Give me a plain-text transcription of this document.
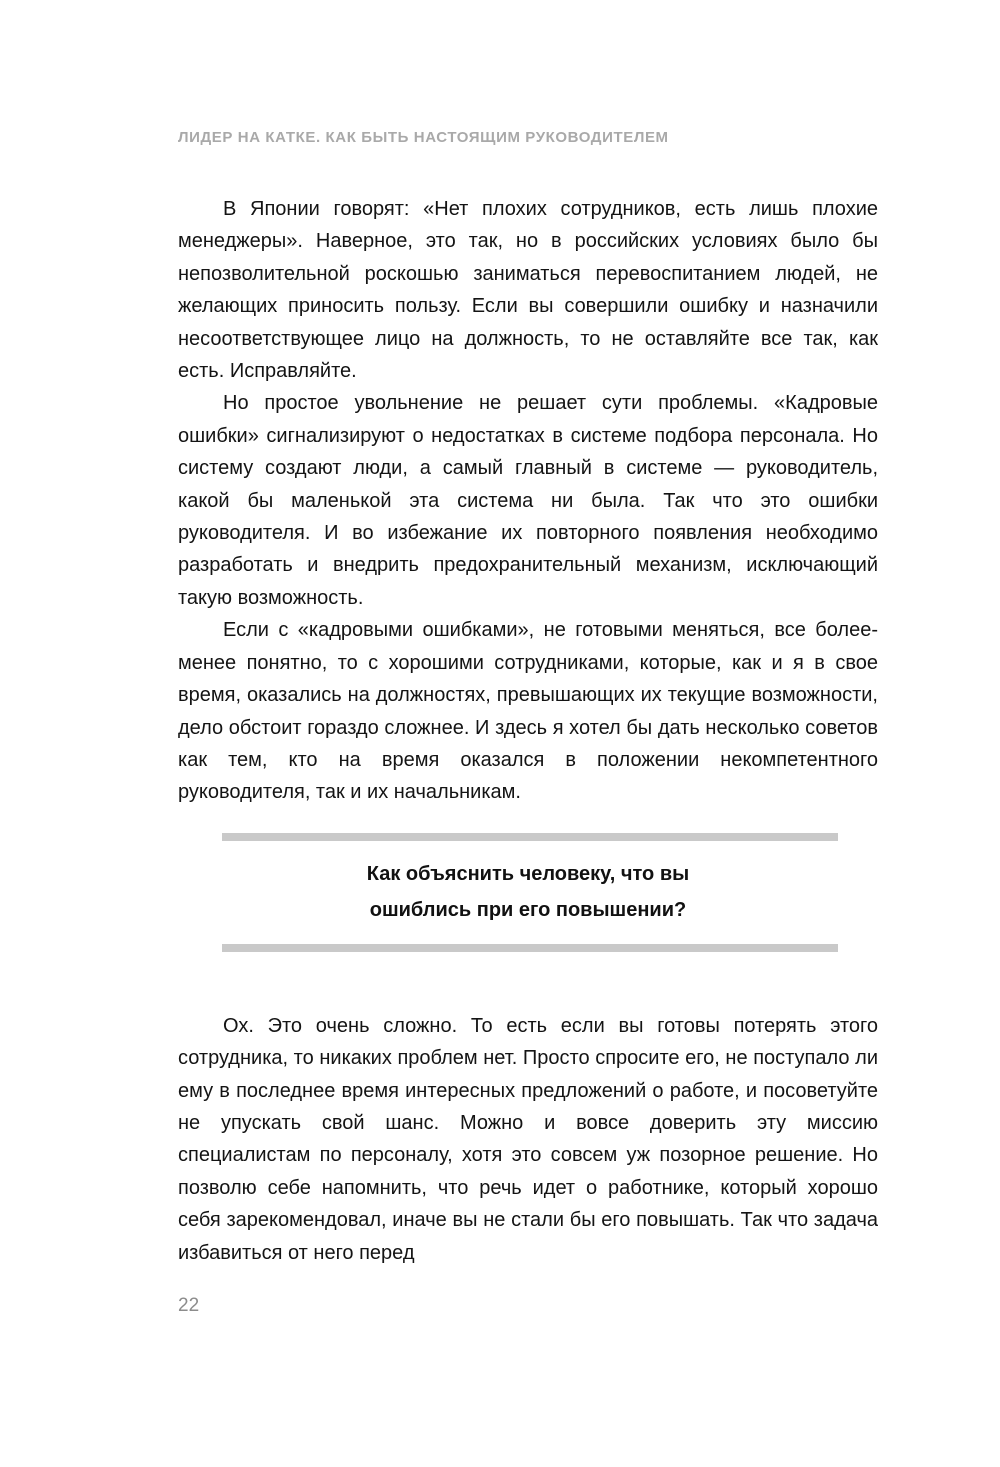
ЛИДЕР НА КАТКЕ. КАК БЫТЬ НАСТОЯЩИМ РУКОВОДИТЕЛЕМ

В Японии говорят: «Нет плохих сотрудников, есть лишь плохие менеджеры». Наверное, это так, но в российских условиях было бы непозволительной роскошью заниматься перевоспитанием людей, не желающих приносить пользу. Если вы совершили ошибку и назначили несоответствующее лицо на должность, то не оставляйте все так, как есть. Исправляйте.

Но простое увольнение не решает сути проблемы. «Кадровые ошибки» сигнализируют о недостатках в системе подбора персонала. Но систему создают люди, а самый главный в системе — руководитель, какой бы маленькой эта система ни была. Так что это ошибки руководителя. И во избежание их повторного появления необходимо разработать и внедрить предохранительный механизм, исключающий такую возможность.

Если с «кадровыми ошибками», не готовыми меняться, все более-менее понятно, то с хорошими сотрудниками, которые, как и я в свое время, оказались на должностях, превышающих их текущие возможности, дело обстоит гораздо сложнее. И здесь я хотел бы дать несколько советов как тем, кто на время оказался в положении некомпетентного руководителя, так и их начальникам.

Как объяснить человеку, что вы
ошиблись при его повышении?

Ох. Это очень сложно. То есть если вы готовы потерять этого сотрудника, то никаких проблем нет. Просто спросите его, не поступало ли ему в последнее время интересных предложений о работе, и посоветуйте не упускать свой шанс. Можно и вовсе доверить эту миссию специалистам по персоналу, хотя это совсем уж позорное решение. Но позволю себе напомнить, что речь идет о работнике, который хорошо себя зарекомендовал, иначе вы не стали бы его повышать. Так что задача избавиться от него перед

22
